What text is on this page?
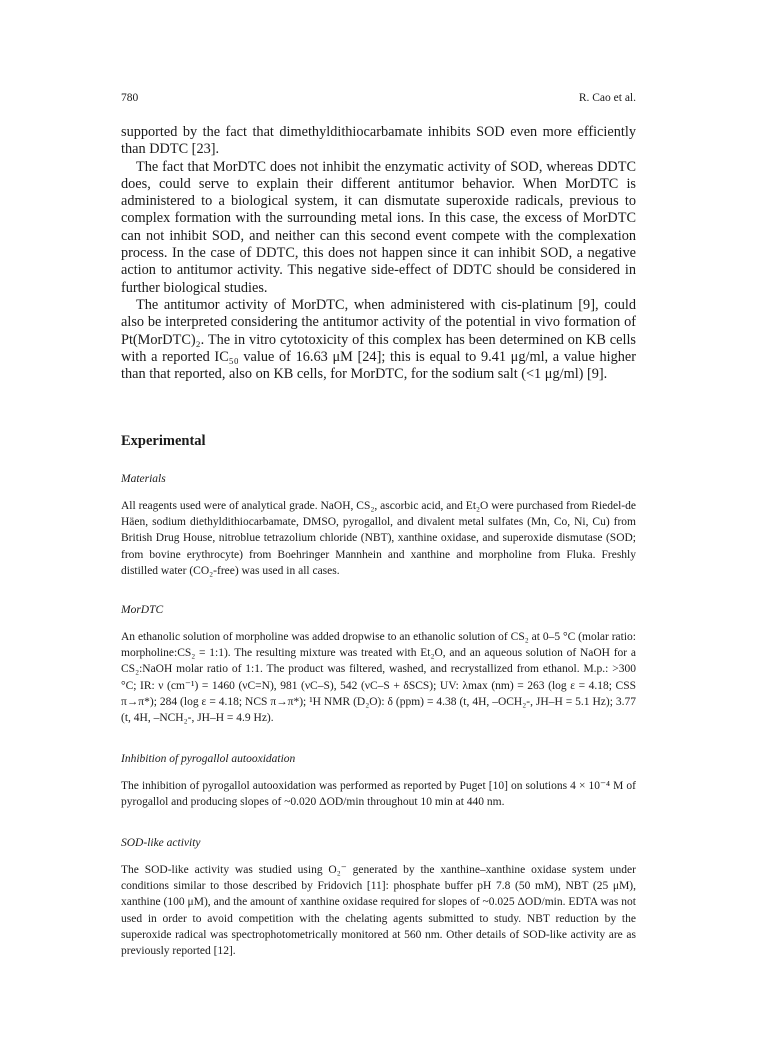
780	R. Cao et al.

supported by the fact that dimethyldithiocarbamate inhibits SOD even more efficiently than DDTC [23].

The fact that MorDTC does not inhibit the enzymatic activity of SOD, whereas DDTC does, could serve to explain their different antitumor behavior. When MorDTC is administered to a biological system, it can dismutate superoxide radicals, previous to complex formation with the surrounding metal ions. In this case, the excess of MorDTC can not inhibit SOD, and neither can this second event compete with the complexation process. In the case of DDTC, this does not happen since it can inhibit SOD, a negative action to antitumor activity. This negative side-effect of DDTC should be considered in further biological studies.

The antitumor activity of MorDTC, when administered with cis-platinum [9], could also be interpreted considering the antitumor activity of the potential in vivo formation of Pt(MorDTC)₂. The in vitro cytotoxicity of this complex has been determined on KB cells with a reported IC₅₀ value of 16.63 μM [24]; this is equal to 9.41 μg/ml, a value higher than that reported, also on KB cells, for MorDTC, for the sodium salt (<1 μg/ml) [9].

Experimental

Materials

All reagents used were of analytical grade. NaOH, CS₂, ascorbic acid, and Et₂O were purchased from Riedel-de Häen, sodium diethyldithiocarbamate, DMSO, pyrogallol, and divalent metal sulfates (Mn, Co, Ni, Cu) from British Drug House, nitroblue tetrazolium chloride (NBT), xanthine oxidase, and superoxide dismutase (SOD; from bovine erythrocyte) from Boehringer Mannhein and xanthine and morpholine from Fluka. Freshly distilled water (CO₂-free) was used in all cases.

MorDTC

An ethanolic solution of morpholine was added dropwise to an ethanolic solution of CS₂ at 0–5 °C (molar ratio: morpholine:CS₂ = 1:1). The resulting mixture was treated with Et₂O, and an aqueous solution of NaOH for a CS₂:NaOH molar ratio of 1:1. The product was filtered, washed, and recrystallized from ethanol. M.p.: >300 °C; IR: ν (cm⁻¹) = 1460 (νC=N), 981 (νC–S), 542 (νC–S + δSCS); UV: λmax (nm) = 263 (log ε = 4.18; CSS π→π*); 284 (log ε = 4.18; NCS π→π*); ¹H NMR (D₂O): δ (ppm) = 4.38 (t, 4H, –OCH₂-, JH–H = 5.1 Hz); 3.77 (t, 4H, –NCH₂-, JH–H = 4.9 Hz).

Inhibition of pyrogallol autooxidation

The inhibition of pyrogallol autooxidation was performed as reported by Puget [10] on solutions 4 × 10⁻⁴ M of pyrogallol and producing slopes of ~0.020 ΔOD/min throughout 10 min at 440 nm.

SOD-like activity

The SOD-like activity was studied using O₂⁻ generated by the xanthine–xanthine oxidase system under conditions similar to those described by Fridovich [11]: phosphate buffer pH 7.8 (50 mM), NBT (25 μM), xanthine (100 μM), and the amount of xanthine oxidase required for slopes of ~0.025 ΔOD/min. EDTA was not used in order to avoid competition with the chelating agents submitted to study. NBT reduction by the superoxide radical was spectrophotometrically monitored at 560 nm. Other details of SOD-like activity are as previously reported [12].
